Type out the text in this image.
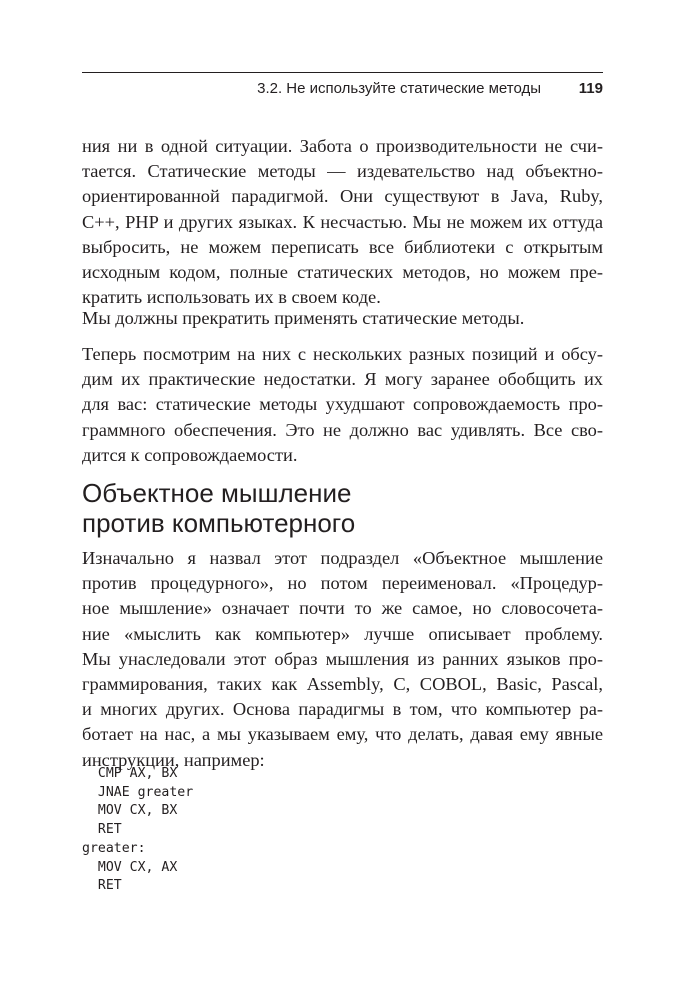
3.2. Не используйте статические методы	119

ния ни в одной ситуации. Забота о производительности не счи-
тается. Статические методы — издевательство над объектно-
ориентированной парадигмой. Они существуют в Java, Ruby,
C++, PHP и других языках. К несчастью. Мы не можем их оттуда
выбросить, не можем переписать все библиотеки с открытым
исходным кодом, полные статических методов, но можем пре-
кратить использовать их в своем коде.

Мы должны прекратить применять статические методы.

Теперь посмотрим на них с нескольких разных позиций и обсу-
дим их практические недостатки. Я могу заранее обобщить их
для вас: статические методы ухудшают сопровождаемость про-
граммного обеспечения. Это не должно вас удивлять. Все сво-
дится к сопровождаемости.

Объектное мышление
против компьютерного

Изначально я назвал этот подраздел «Объектное мышление
против процедурного», но потом переименовал. «Процедур-
ное мышление» означает почти то же самое, но словосочета-
ние «мыслить как компьютер» лучше описывает проблему.
Мы унаследовали этот образ мышления из ранних языков про-
граммирования, таких как Assembly, C, COBOL, Basic, Pascal,
и многих других. Основа парадигмы в том, что компьютер ра-
ботает на нас, а мы указываем ему, что делать, давая ему явные
инструкции, например:

CMP AX, BX
JNAE greater
MOV CX, BX
RET
greater:
MOV CX, AX
RET
